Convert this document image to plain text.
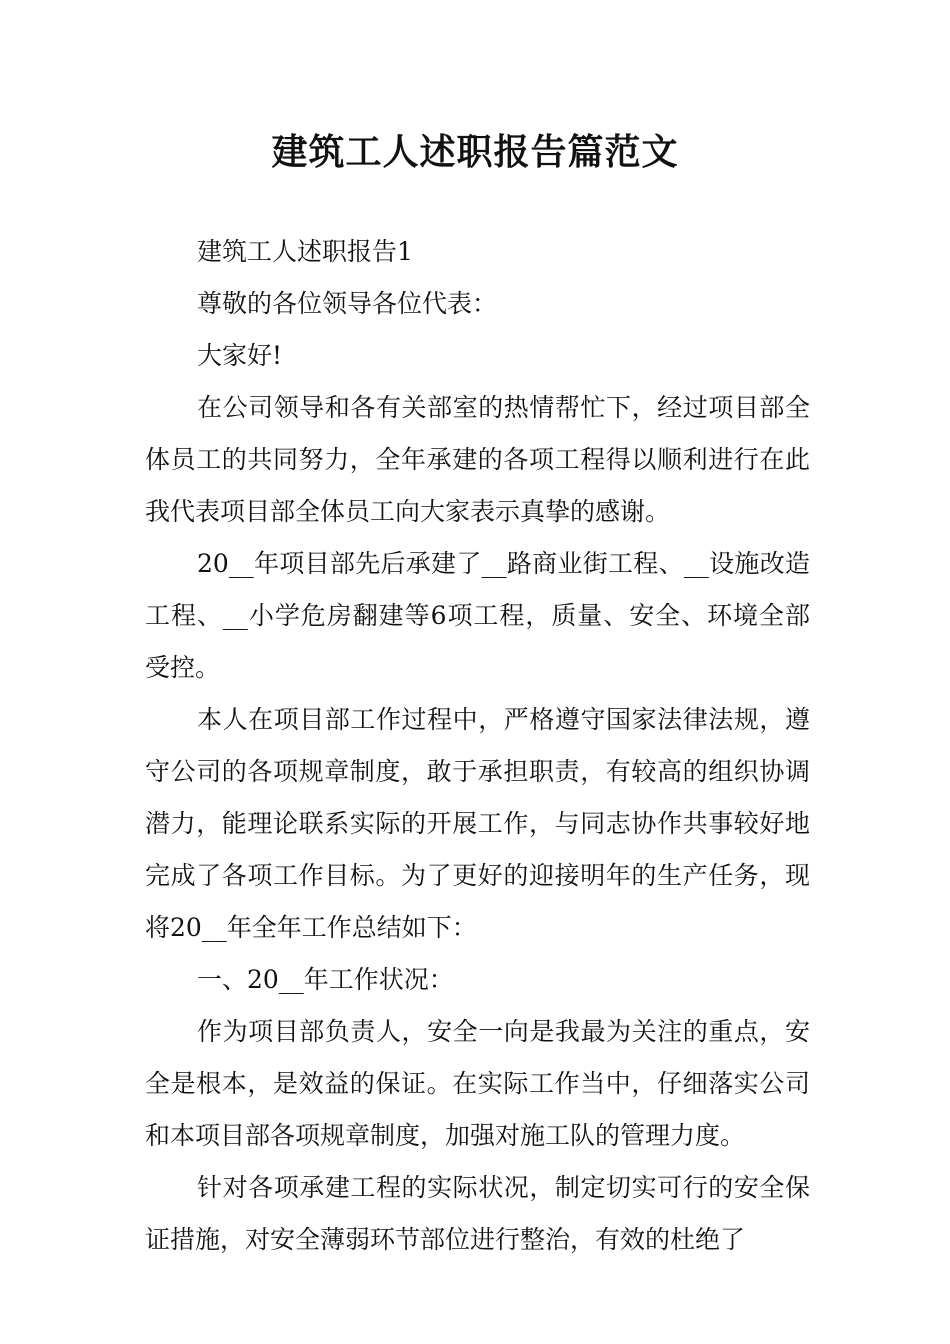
建筑工人述职报告篇范文

建筑工人述职报告1

尊敬的各位领导各位代表：

大家好!

在公司领导和各有关部室的热情帮忙下，经过项目部全体员工的共同努力，全年承建的各项工程得以顺利进行在此我代表项目部全体员工向大家表示真挚的感谢。

20__年项目部先后承建了__路商业街工程、__设施改造工程、__小学危房翻建等6项工程，质量、安全、环境全部受控。

本人在项目部工作过程中，严格遵守国家法律法规，遵守公司的各项规章制度，敢于承担职责，有较高的组织协调潜力，能理论联系实际的开展工作，与同志协作共事较好地完成了各项工作目标。为了更好的迎接明年的生产任务，现将20__年全年工作总结如下：

一、20__年工作状况：

作为项目部负责人，安全一向是我最为关注的重点，安全是根本，是效益的保证。在实际工作当中，仔细落实公司和本项目部各项规章制度，加强对施工队的管理力度。

针对各项承建工程的实际状况，制定切实可行的安全保证措施，对安全薄弱环节部位进行整治，有效的杜绝了
